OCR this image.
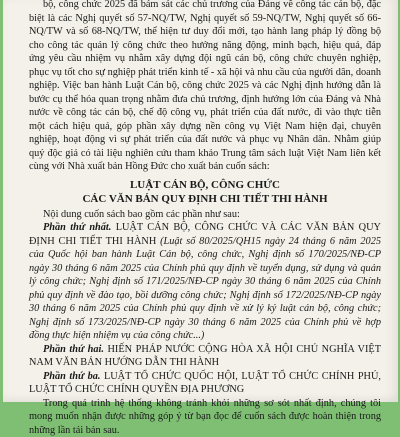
bộ, công chức 2025 đã bám sát các chủ trương của Đảng về công tác cán bộ, đặc biệt là các Nghị quyết số 57-NQ/TW, Nghị quyết số 59-NQ/TW, Nghị quyết số 66-NQ/TW và số 68-NQ/TW, thể hiện tư duy đổi mới, tạo hành lang pháp lý đồng bộ cho công tác quản lý công chức theo hướng năng động, minh bạch, hiệu quả, đáp ứng yêu cầu nhiệm vụ nhằm xây dựng đội ngũ cán bộ, công chức chuyên nghiệp, phục vụ tốt cho sự nghiệp phát triển kinh tế - xã hội và nhu cầu của người dân, doanh nghiệp. Việc ban hành Luật Cán bộ, công chức 2025 và các Nghị định hướng dẫn là bước cụ thể hóa quan trọng nhằm đưa chủ trương, định hướng lớn của Đảng và Nhà nước về công tác cán bộ, chế độ công vụ, phát triển của đất nước, đi vào thực tiễn một cách hiệu quả, góp phần xây dựng nền công vụ Việt Nam hiện đại, chuyên nghiệp, hoạt động vì sự phát triển của đất nước và phục vụ Nhân dân. Nhằm giúp quý độc giả có tài liệu nghiên cứu tham khảo Trung tâm sách luật Việt Nam liên kết cùng với Nhà xuất bản Hồng Đức cho xuất bản cuốn sách:

LUẬT CÁN BỘ, CÔNG CHỨC

CÁC VĂN BẢN QUY ĐỊNH CHI TIẾT THI HÀNH

Nội dung cuốn sách bao gồm các phần như sau:

Phần thứ nhất. LUẬT CÁN BỘ, CÔNG CHỨC VÀ CÁC VĂN BẢN QUY ĐỊNH CHI TIẾT THI HÀNH (Luật số 80/2025/QH15 ngày 24 tháng 6 năm 2025 của Quốc hội ban hành Luật Cán bộ, công chức, Nghị định số 170/2025/NĐ-CP ngày 30 tháng 6 năm 2025 của Chính phủ quy định về tuyển dụng, sử dụng và quản lý công chức; Nghị định số 171/2025/NĐ-CP ngày 30 tháng 6 năm 2025 của Chính phủ quy định về đào tạo, bồi dưỡng công chức; Nghị định số 172/2025/NĐ-CP ngày 30 tháng 6 năm 2025 của Chính phủ quy định về xử lý kỷ luật cán bộ, công chức; Nghị định số 173/2025/NĐ-CP ngày 30 tháng 6 năm 2025 của Chính phủ về hợp đồng thực hiện nhiệm vụ của công chức...)

Phần thứ hai. HIẾN PHÁP NƯỚC CỘNG HÒA XÃ HỘI CHỦ NGHĨA VIỆT NAM VĂN BẢN HƯỚNG DẪN THI HÀNH

Phần thứ ba. LUẬT TỔ CHỨC QUỐC HỘI, LUẬT TỔ CHỨC CHÍNH PHỦ, LUẬT TỔ CHỨC CHÍNH QUYỀN ĐỊA PHƯƠNG

Trong quá trình hệ thống không tránh khỏi những sơ sót nhất định, chúng tôi mong muốn nhận được những góp ý từ bạn đọc để cuốn sách được hoàn thiện trong những lần tái bản sau.
